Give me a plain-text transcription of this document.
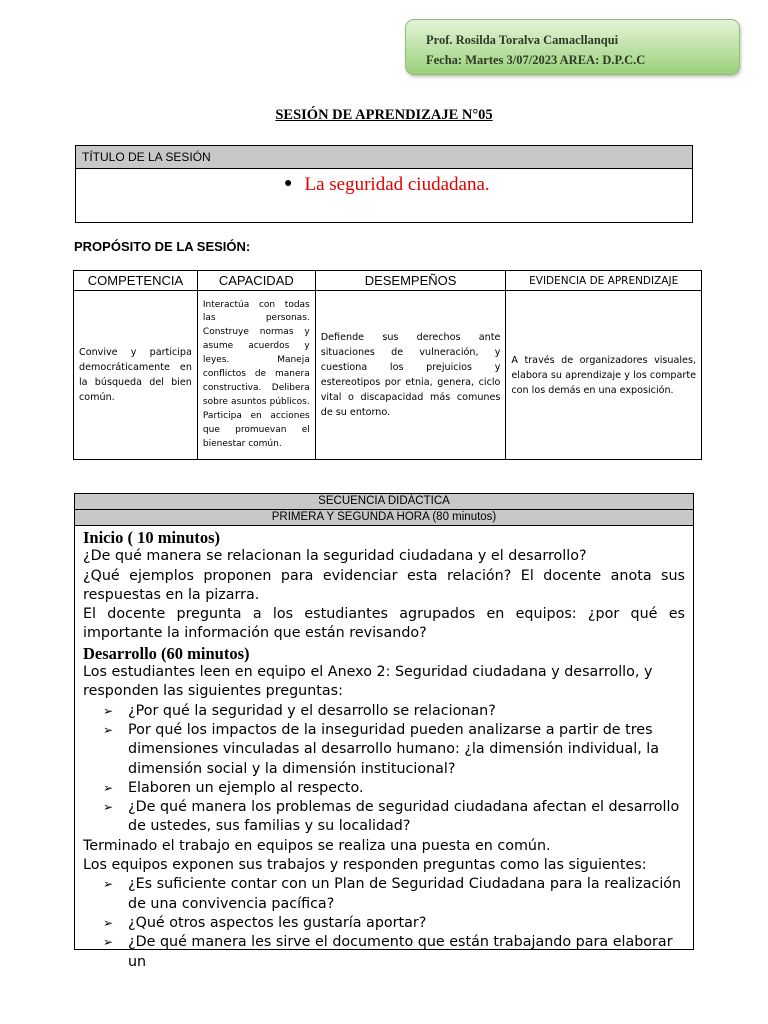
Prof. Rosilda Toralva Camacllanqui
Fecha: Martes 3/07/2023 AREA: D.P.C.C
SESIÓN DE APRENDIZAJE N°05
TÍTULO DE LA SESIÓN
● La seguridad ciudadana.
PROPÓSITO DE LA SESIÓN:
COMPETENCIA	CAPACIDAD	DESEMPEÑOS	EVIDENCIA DE APRENDIZAJE

Convive y participa democráticamente en la búsqueda del bien común.	Interactúa con todas las personas. Construye normas y asume acuerdos y leyes. Maneja conflictos de manera constructiva. Delibera sobre asuntos públicos. Participa en acciones que promuevan el bienestar común.	Defiende sus derechos ante situaciones de vulneración, y cuestiona los prejuicios y estereotipos por etnia, genera, ciclo vital o discapacidad más comunes de su entorno.	A través de organizadores visuales, elabora su aprendizaje y los comparte con los demás en una exposición.
SECUENCIA DIDÁCTICA
PRIMERA Y SEGUNDA HORA (80 minutos)
Inicio ( 10 minutos)

¿De qué manera se relacionan la seguridad ciudadana y el desarrollo?

¿Qué ejemplos proponen para evidenciar esta relación? El docente anota sus respuestas en la pizarra.

El docente pregunta a los estudiantes agrupados en equipos: ¿por qué es importante la información que están revisando?

Desarrollo (60 minutos)

Los estudiantes leen en equipo el Anexo 2: Seguridad ciudadana y desarrollo, y responden las siguientes preguntas:

➢ ¿Por qué la seguridad y el desarrollo se relacionan?
➢ Por qué los impactos de la inseguridad pueden analizarse a partir de tres dimensiones vinculadas al desarrollo humano: ¿la dimensión individual, la dimensión social y la dimensión institucional?
➢ Elaboren un ejemplo al respecto.
➢ ¿De qué manera los problemas de seguridad ciudadana afectan el desarrollo de ustedes, sus familias y su localidad?

Terminado el trabajo en equipos se realiza una puesta en común.

Los equipos exponen sus trabajos y responden preguntas como las siguientes:

➢ ¿Es suficiente contar con un Plan de Seguridad Ciudadana para la realización de una convivencia pacífica?
➢ ¿Qué otros aspectos les gustaría aportar?
➢ ¿De qué manera les sirve el documento que están trabajando para elaborar un
